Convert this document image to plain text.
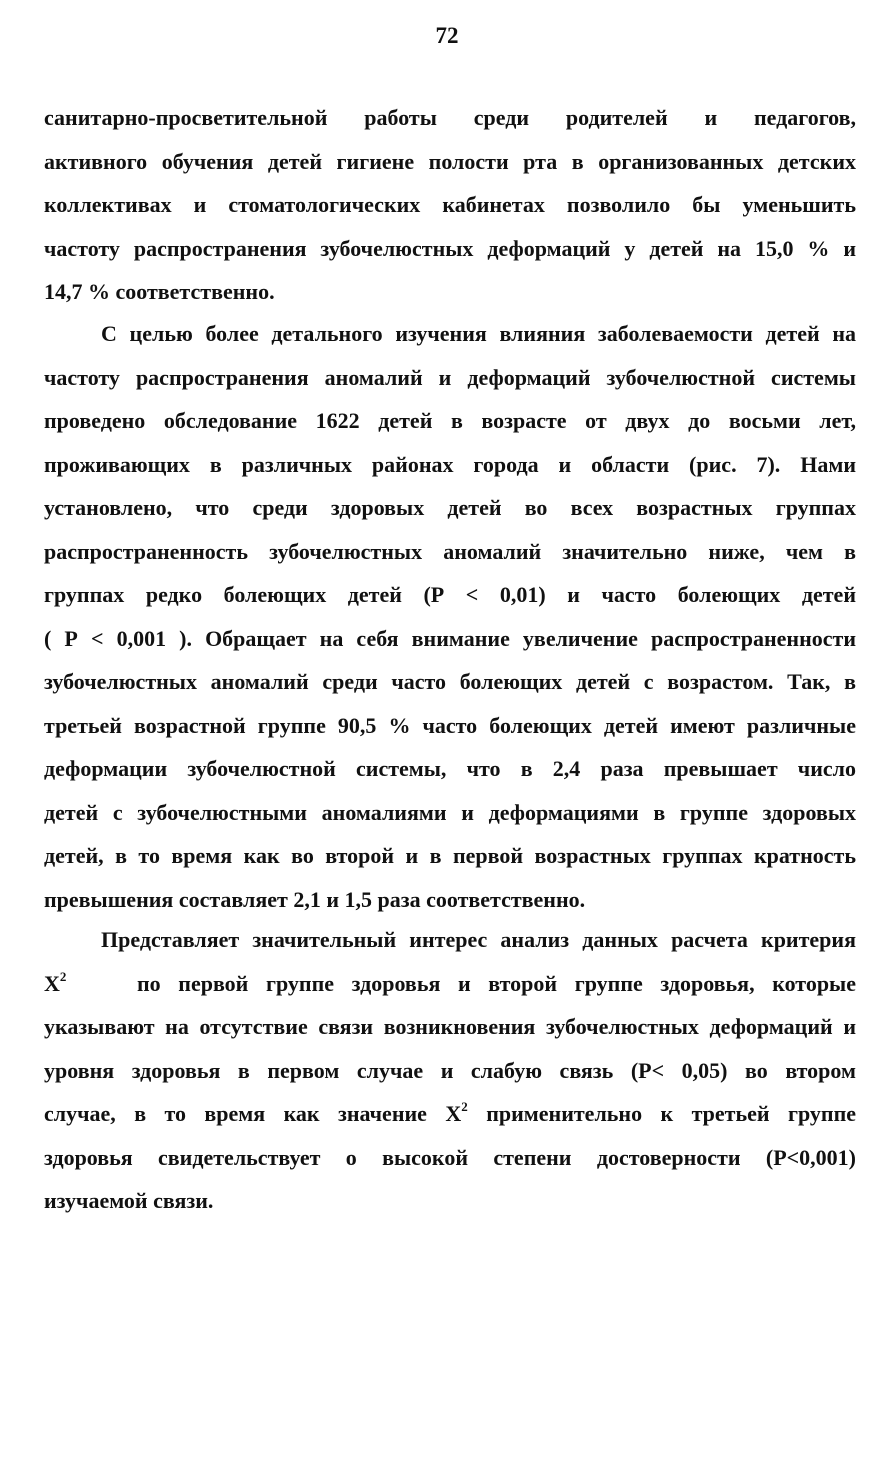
72
санитарно-просветительной работы среди родителей и педагогов,
активного обучения детей гигиене полости рта в организованных детских
коллективах и стоматологических кабинетах позволило бы уменьшить
частоту распространения зубочелюстных деформаций у детей на 15,0 % и
14,7 % соответственно.
С целью более детального изучения влияния заболеваемости детей на
частоту распространения аномалий и деформаций зубочелюстной системы
проведено обследование 1622 детей в возрасте от двух до восьми лет,
проживающих в различных районах города и области (рис. 7). Нами
установлено, что среди здоровых детей во всех возрастных группах
распространенность зубочелюстных аномалий значительно ниже, чем в
группах редко болеющих детей (Р < 0,01) и часто болеющих детей
( Р < 0,001 ). Обращает на себя внимание увеличение распространенности
зубочелюстных аномалий среди часто болеющих детей с возрастом. Так, в
третьей возрастной группе 90,5 % часто болеющих детей имеют различные
деформации зубочелюстной системы, что в 2,4 раза превышает число
детей с зубочелюстными аномалиями и деформациями в группе здоровых
детей, в то время как во второй и в первой возрастных группах кратность
превышения составляет 2,1 и 1,5 раза соответственно.
Представляет значительный интерес анализ данных расчета критерия
$X^2$	по первой группе здоровья и второй группе здоровья, которые
указывают на отсутствие связи возникновения зубочелюстных деформаций и
уровня здоровья в первом случае и слабую связь (Р< 0,05) во втором
случае, в то время как значение $X^2$ применительно к третьей группе
здоровья свидетельствует о высокой степени достоверности (Р<0,001)
изучаемой связи.
